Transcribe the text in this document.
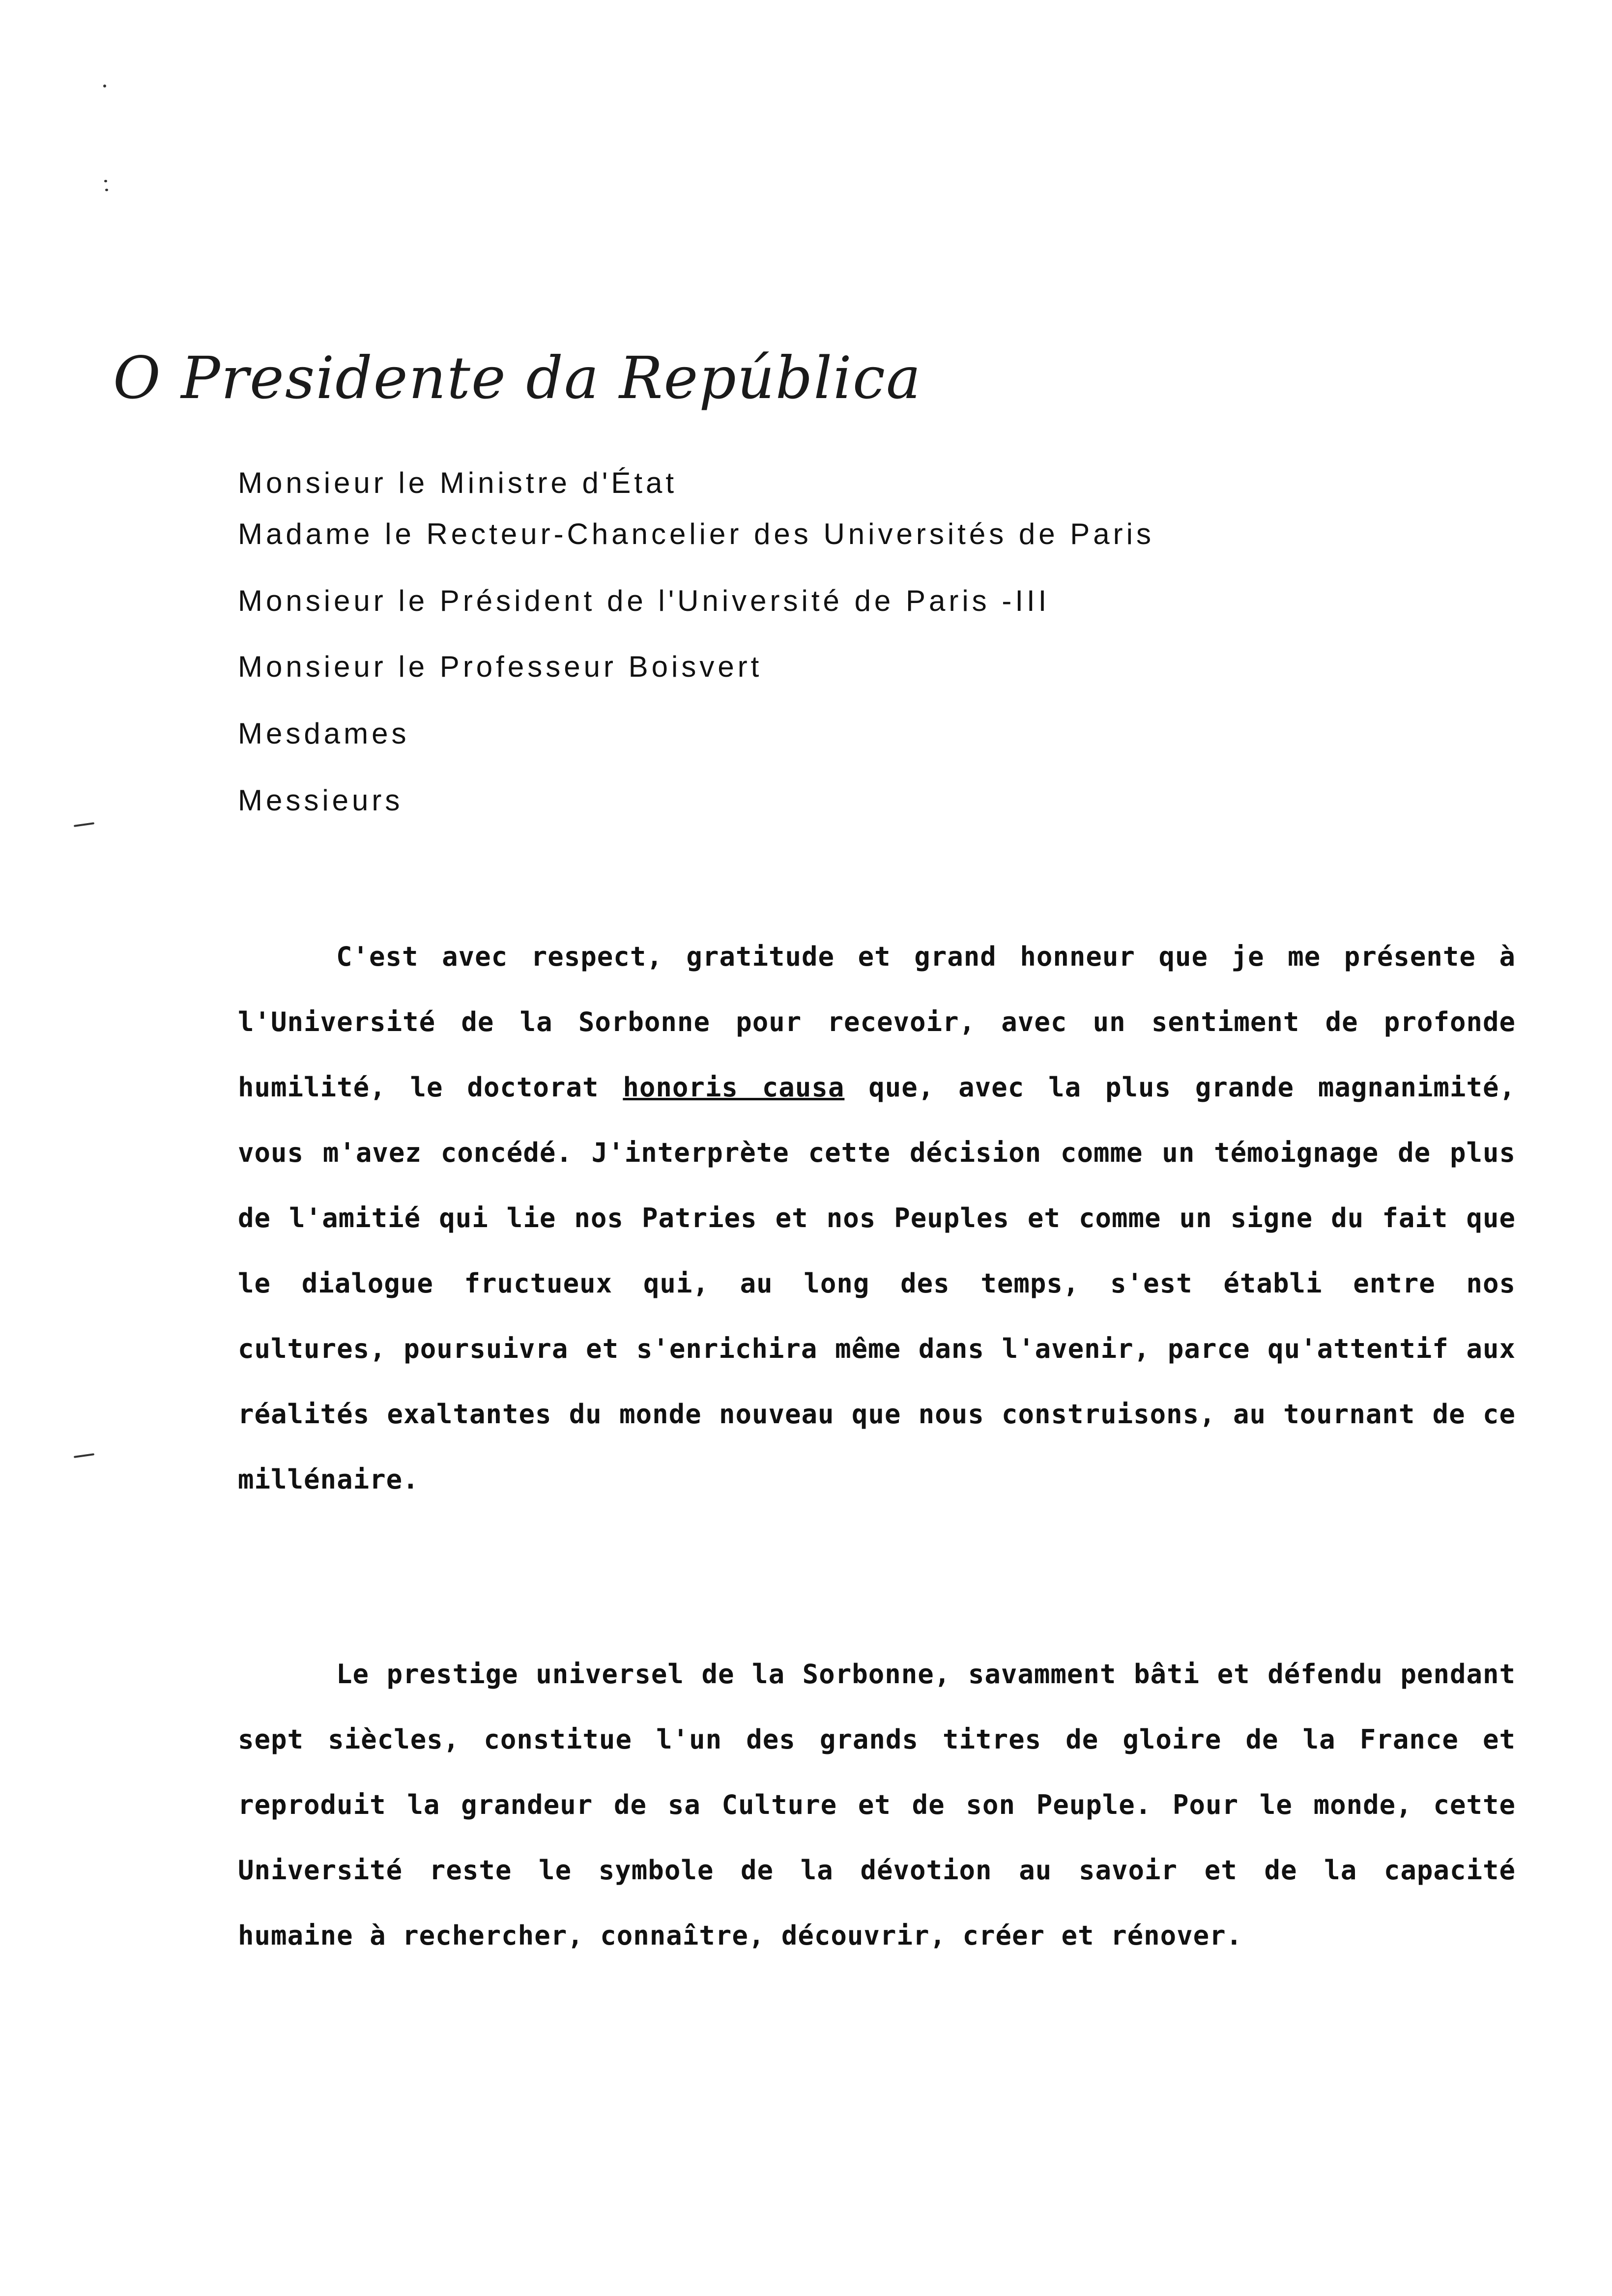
O Presidente da República
Monsieur le Ministre d'État
Madame le Recteur-Chancelier des Universités de Paris
Monsieur le Président de l'Université de Paris -III
Monsieur le Professeur Boisvert
Mesdames
Messieurs

C'est avec respect, gratitude et grand honneur que je me présente à l'Université de la Sorbonne pour recevoir, avec un sentiment de profonde humilité, le doctorat honoris causa que, avec la plus grande magnanimité, vous m'avez concédé. J'interprète cette décision comme un témoignage de plus de l'amitié qui lie nos Patries et nos Peuples et comme un signe du fait que le dialogue fructueux qui, au long des temps, s'est établi entre nos cultures, poursuivra et s'enrichira même dans l'avenir, parce qu'attentif aux réalités exaltantes du monde nouveau que nous construisons, au tournant de ce millénaire.

Le prestige universel de la Sorbonne, savamment bâti et défendu pendant sept siècles, constitue l'un des grands titres de gloire de la France et reproduit la grandeur de sa Culture et de son Peuple. Pour le monde, cette Université reste le symbole de la dévotion au savoir et de la capacité humaine à rechercher, connaître, découvrir, créer et rénover.
